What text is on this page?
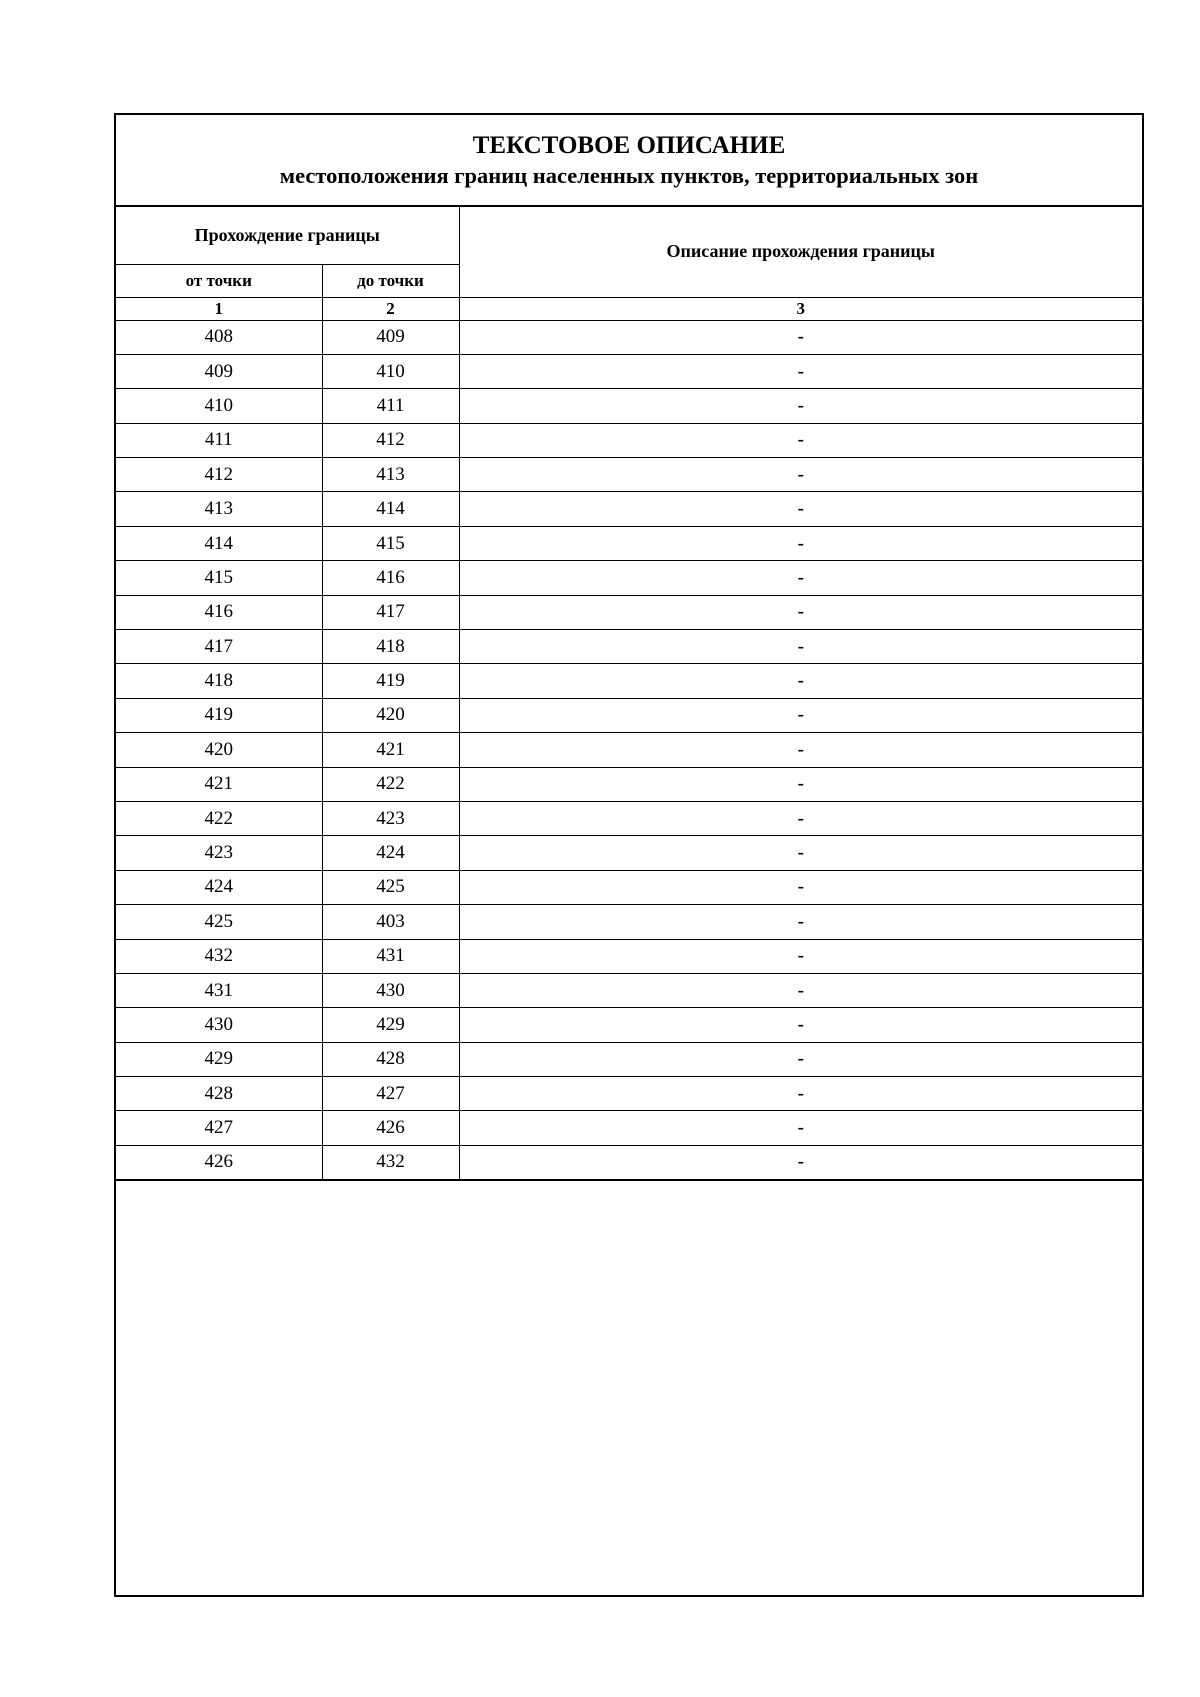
ТЕКСТОВОЕ ОПИСАНИЕ
местоположения границ населенных пунктов, территориальных зон
Прохождение границы		Описание прохождения границы
от точки	до точки	
1	2	3
408	409	-
409	410	-
410	411	-
411	412	-
412	413	-
413	414	-
414	415	-
415	416	-
416	417	-
417	418	-
418	419	-
419	420	-
420	421	-
421	422	-
422	423	-
423	424	-
424	425	-
425	403	-
432	431	-
431	430	-
430	429	-
429	428	-
428	427	-
427	426	-
426	432	-
